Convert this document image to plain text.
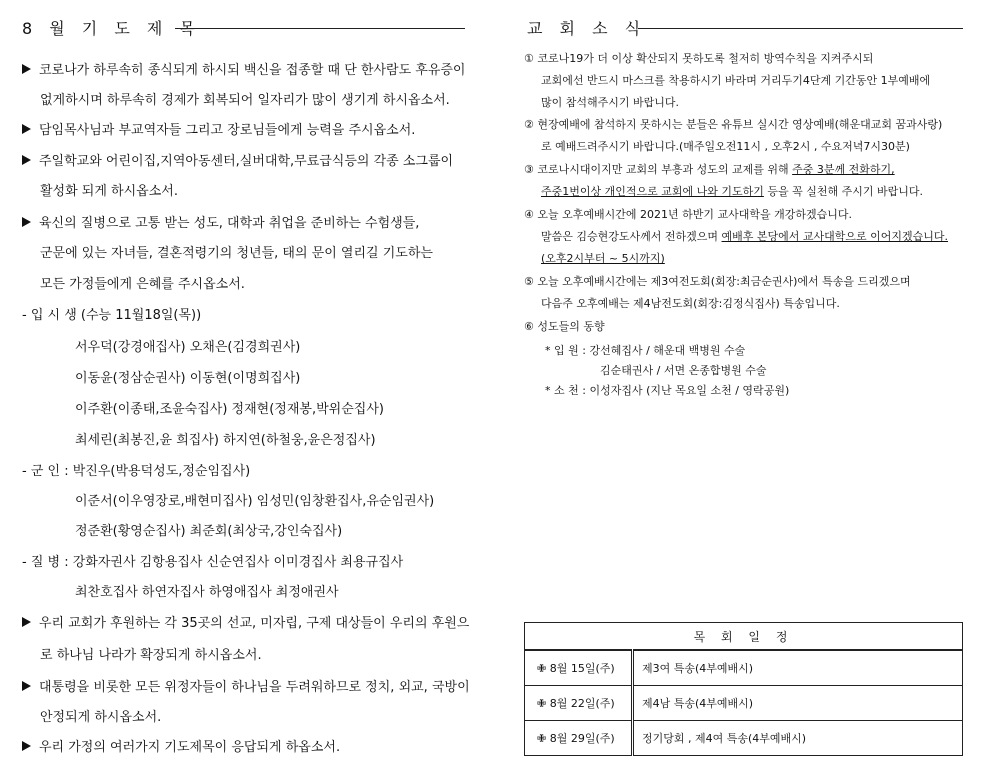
8 월 기 도 제 목
코로나가 하루속히 종식되게 하시되 백신을 접종할 때 단 한사람도 후유증이
없게하시며 하루속히 경제가 회복되어 일자리가 많이 생기게 하시옵소서.
담임목사님과 부교역자들 그리고 장로님들에게 능력을 주시옵소서.
주일학교와 어린이집,지역아동센터,실버대학,무료급식등의 각종 소그룹이
활성화 되게 하시옵소서.
육신의 질병으로 고통 받는 성도, 대학과 취업을 준비하는 수험생들,
군문에 있는 자녀들, 결혼적령기의 청년들, 태의 문이 열리길 기도하는
모든 가정들에게 은혜를 주시옵소서.
- 입 시 생 (수능 11월18일(목))
서우덕(강경애집사) 오채은(김경희권사)
이동윤(정삼순권사) 이동현(이명희집사)
이주환(이종태,조윤숙집사) 정재현(정재봉,박위순집사)
최세린(최봉진,윤 희집사) 하지연(하철웅,윤은정집사)
- 군 인 : 박진우(박용덕성도,정순임집사)
이준서(이우영장로,배현미집사) 임성민(임창환집사,유순임권사)
정준환(황영순집사) 최준회(최상국,강인숙집사)
- 질 병 : 강화자권사 김항용집사 신순연집사 이미경집사 최용규집사
최찬호집사 하연자집사 하영애집사 최정애권사
우리 교회가 후원하는 각 35곳의 선교, 미자립, 구제 대상들이 우리의 후원으
로 하나님 나라가 확장되게 하시옵소서.
대통령을 비롯한 모든 위정자들이 하나님을 두려워하므로 정치, 외교, 국방이
안정되게 하시옵소서.
우리 가정의 여러가지 기도제목이 응답되게 하옵소서.
교 회 소 식
① 코로나19가 더 이상 확산되지 못하도록 철저히 방역수칙을 지켜주시되
교회에선 반드시 마스크를 착용하시기 바라며 거리두기4단계 기간동안 1부예배에
많이 참석해주시기 바랍니다.
② 현장예배에 참석하지 못하시는 분들은 유튜브 실시간 영상예배(해운대교회 꿈과사랑)
로 예배드려주시기 바랍니다.(매주일오전11시 , 오후2시 , 수요저녁7시30분)
③ 코로나시대이지만 교회의 부흥과 성도의 교제를 위해 주중 3분께 전화하기,
주중1번이상 개인적으로 교회에 나와 기도하기 등을 꼭 실천해 주시기 바랍니다.
④ 오늘 오후예배시간에 2021년 하반기 교사대학을 개강하겠습니다.
말씀은 김승현강도사께서 전하겠으며 예배후 본당에서 교사대학으로 이어지겠습니다.
(오후2시부터 ~ 5시까지)
⑤ 오늘 오후예배시간에는 제3여전도회(회장:최금순권사)에서 특송을 드리겠으며
다음주 오후예배는 제4남전도회(회장:김정식집사) 특송입니다.
⑥ 성도들의 동향
* 입 원 : 강선혜집사 / 해운대 백병원 수술
김순태권사 / 서면 온종합병원 수술
* 소 천 : 이성자집사 (지난 목요일 소천 / 영락공원)
목 회 일 정	
✙ 8월 15일(주)	제3여 특송(4부예배시)
✙ 8월 22일(주)	제4남 특송(4부예배시)
✙ 8월 29일(주)	정기당회 , 제4여 특송(4부예배시)
